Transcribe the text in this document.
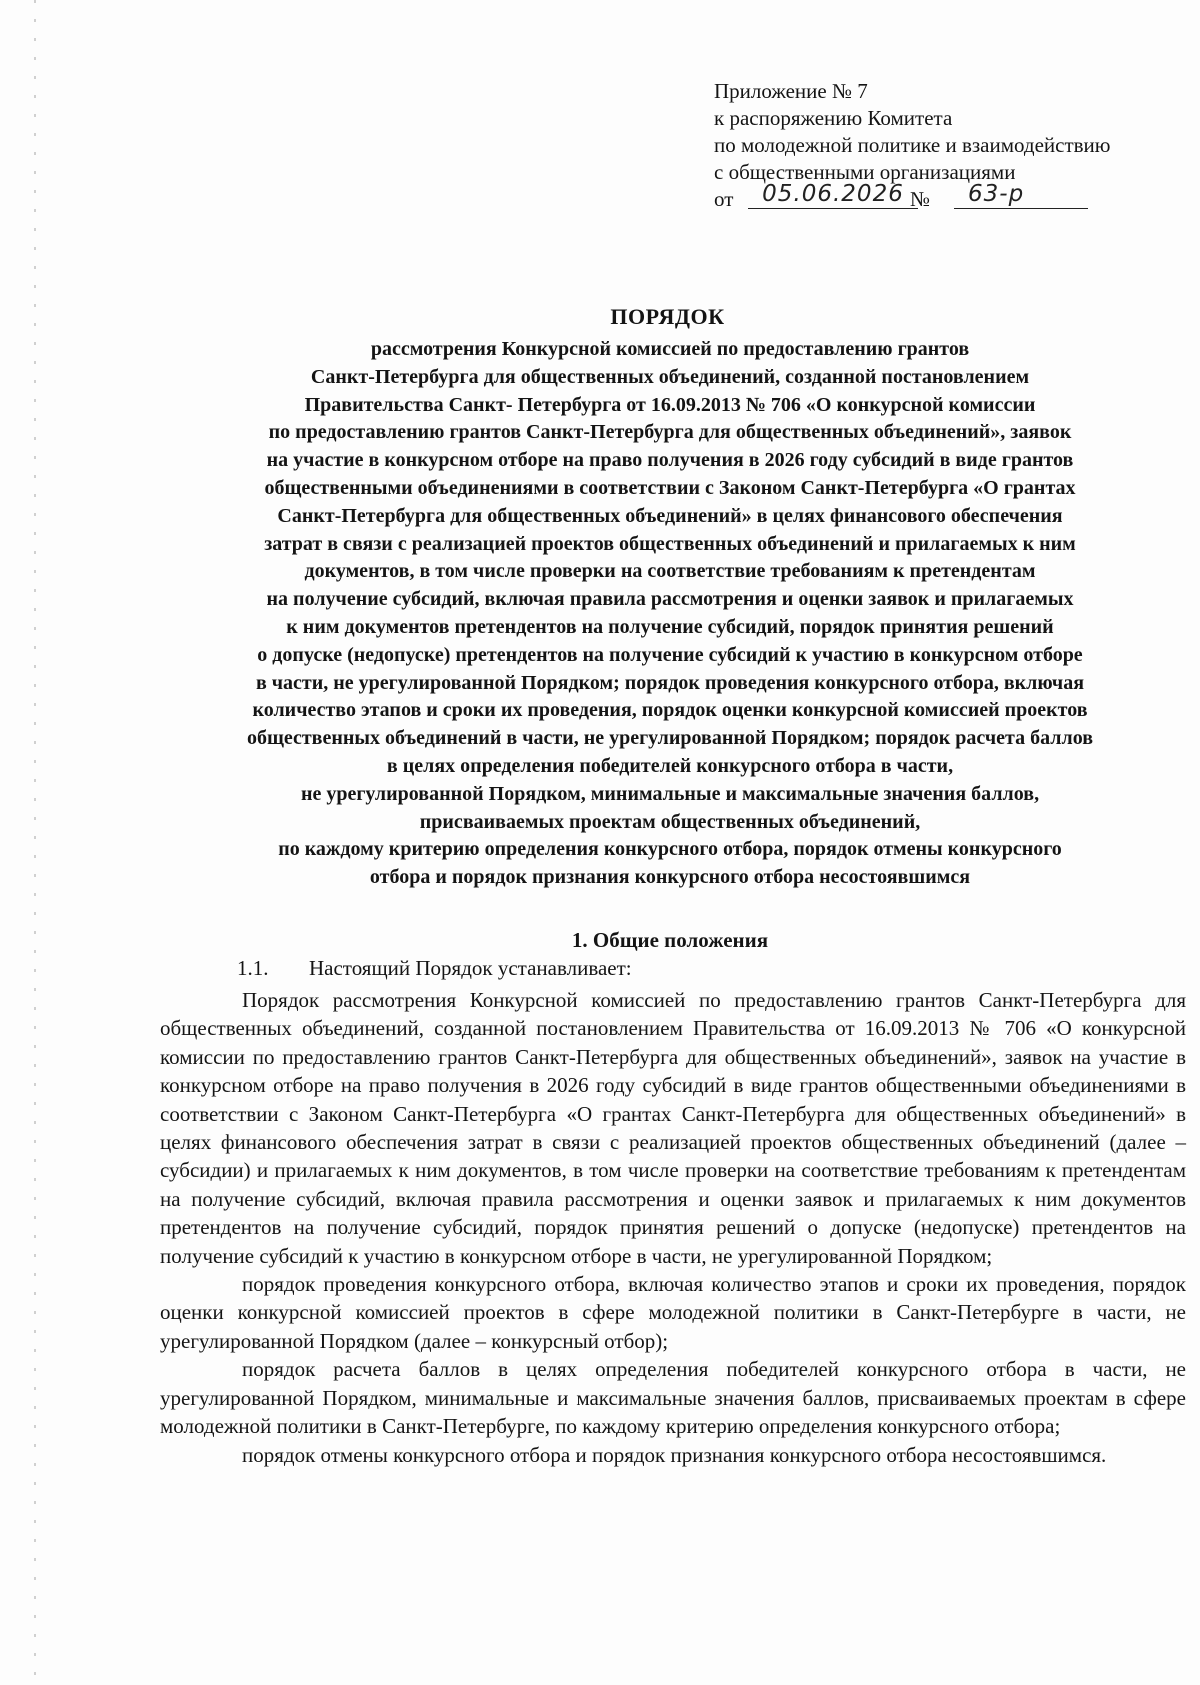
Приложение № 7
к распоряжению Комитета
по молодежной политике и взаимодействию
с общественными организациями
от	05.06.2026 №	63-р
ПОРЯДОК
рассмотрения Конкурсной комиссией по предоставлению грантов
Санкт-Петербурга для общественных объединений, созданной постановлением
Правительства Санкт- Петербурга от 16.09.2013 № 706 «О конкурсной комиссии
по предоставлению грантов Санкт-Петербурга для общественных объединений», заявок
на участие в конкурсном отборе на право получения в 2026 году субсидий в виде грантов
общественными объединениями в соответствии с Законом Санкт-Петербурга «О грантах
Санкт-Петербурга для общественных объединений» в целях финансового обеспечения
затрат в связи с реализацией проектов общественных объединений и прилагаемых к ним
документов, в том числе проверки на соответствие требованиям к претендентам
на получение субсидий, включая правила рассмотрения и оценки заявок и прилагаемых
к ним документов претендентов на получение субсидий, порядок принятия решений
о допуске (недопуске) претендентов на получение субсидий к участию в конкурсном отборе
в части, не урегулированной Порядком; порядок проведения конкурсного отбора, включая
количество этапов и сроки их проведения, порядок оценки конкурсной комиссией проектов
общественных объединений в части, не урегулированной Порядком; порядок расчета баллов
в целях определения победителей конкурсного отбора в части,
не урегулированной Порядком, минимальные и максимальные значения баллов,
присваиваемых проектам общественных объединений,
по каждому критерию определения конкурсного отбора, порядок отмены конкурсного
отбора и порядок признания конкурсного отбора несостоявшимся
1. Общие положения
1.1. Настоящий Порядок устанавливает:

Порядок рассмотрения Конкурсной комиссией по предоставлению грантов Санкт-Петербурга для общественных объединений, созданной постановлением Правительства от 16.09.2013 № 706 «О конкурсной комиссии по предоставлению грантов Санкт-Петербурга для общественных объединений», заявок на участие в конкурсном отборе на право получения в 2026 году субсидий в виде грантов общественными объединениями в соответствии с Законом Санкт-Петербурга «О грантах Санкт-Петербурга для общественных объединений» в целях финансового обеспечения затрат в связи с реализацией проектов общественных объединений (далее – субсидии) и прилагаемых к ним документов, в том числе проверки на соответствие требованиям к претендентам на получение субсидий, включая правила рассмотрения и оценки заявок и прилагаемых к ним документов претендентов на получение субсидий, порядок принятия решений о допуске (недопуске) претендентов на получение субсидий к участию в конкурсном отборе в части, не урегулированной Порядком;

порядок проведения конкурсного отбора, включая количество этапов и сроки их проведения, порядок оценки конкурсной комиссией проектов в сфере молодежной политики в Санкт-Петербурге в части, не урегулированной Порядком (далее – конкурсный отбор);

порядок расчета баллов в целях определения победителей конкурсного отбора в части, не урегулированной Порядком, минимальные и максимальные значения баллов, присваиваемых проектам в сфере молодежной политики в Санкт-Петербурге, по каждому критерию определения конкурсного отбора;

порядок отмены конкурсного отбора и порядок признания конкурсного отбора несостоявшимся.
